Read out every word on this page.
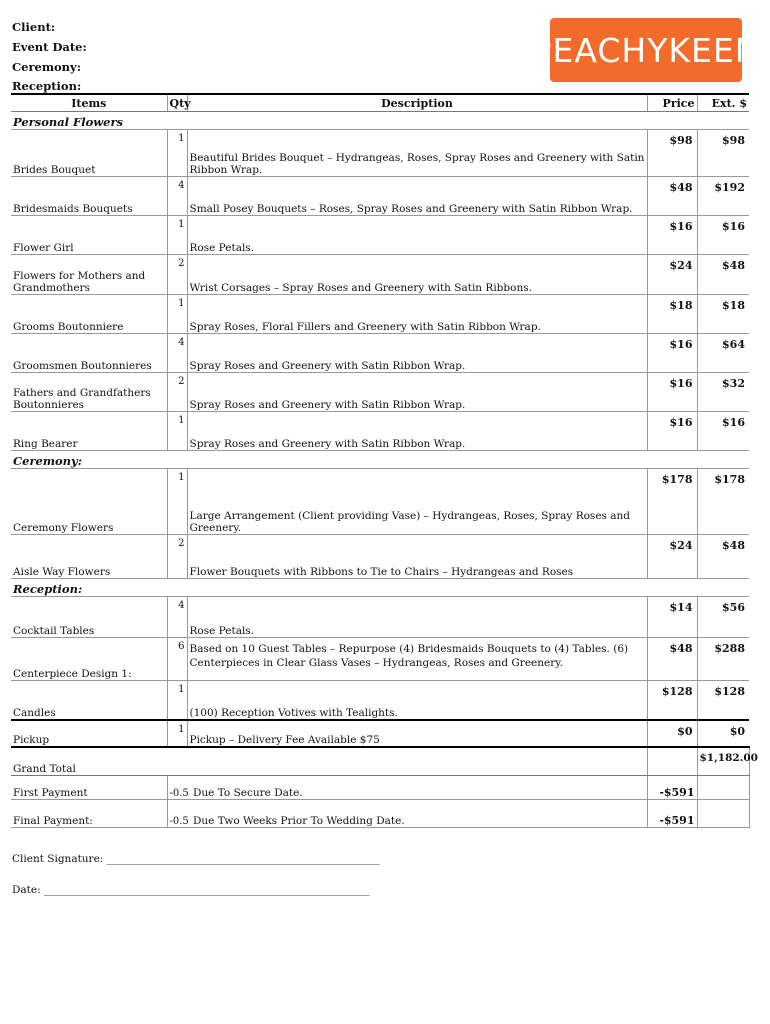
Client:
Event Date:
Ceremony:
Reception:
PEACHYKEEN
Items	Qty	Description	Price	Ext. $
Personal Flowers				
Brides Bouquet	1	Beautiful Brides Bouquet – Hydrangeas, Roses, Spray Roses and Greenery with Satin Ribbon Wrap.	$98	$98
Bridesmaids Bouquets	4	Small Posey Bouquets – Roses, Spray Roses and Greenery with Satin Ribbon Wrap.	$48	$192
Flower Girl	1	Rose Petals.	$16	$16
Flowers for Mothers and Grandmothers	2	Wrist Corsages – Spray Roses and Greenery with Satin Ribbons.	$24	$48
Grooms Boutonniere	1	Spray Roses, Floral Fillers and Greenery with Satin Ribbon Wrap.	$18	$18
Groomsmen Boutonnieres	4	Spray Roses and Greenery with Satin Ribbon Wrap.	$16	$64
Fathers and Grandfathers Boutonnieres	2	Spray Roses and Greenery with Satin Ribbon Wrap.	$16	$32
Ring Bearer	1	Spray Roses and Greenery with Satin Ribbon Wrap.	$16	$16
Ceremony:				
Ceremony Flowers	1	Large Arrangement (Client providing Vase) – Hydrangeas, Roses, Spray Roses and Greenery.	$178	$178
Aisle Way Flowers	2	Flower Bouquets with Ribbons to Tie to Chairs – Hydrangeas and Roses	$24	$48
Reception:				
Cocktail Tables	4	Rose Petals.	$14	$56
Centerpiece Design 1:	6	Based on 10 Guest Tables – Repurpose (4) Bridesmaids Bouquets to (4) Tables. (6) Centerpieces in Clear Glass Vases – Hydrangeas, Roses and Greenery.	$48	$288
Candles	1	(100) Reception Votives with Tealights.	$128	$128
Pickup	1	Pickup – Delivery Fee Available $75	$0	$0
Grand Total				$1,182.00
First Payment	-0.5	Due To Secure Date.	-$591	
Final Payment:	-0.5	Due Two Weeks Prior To Wedding Date.	-$591	
Client Signature: ____________________________________________________
Date: ______________________________________________________________
